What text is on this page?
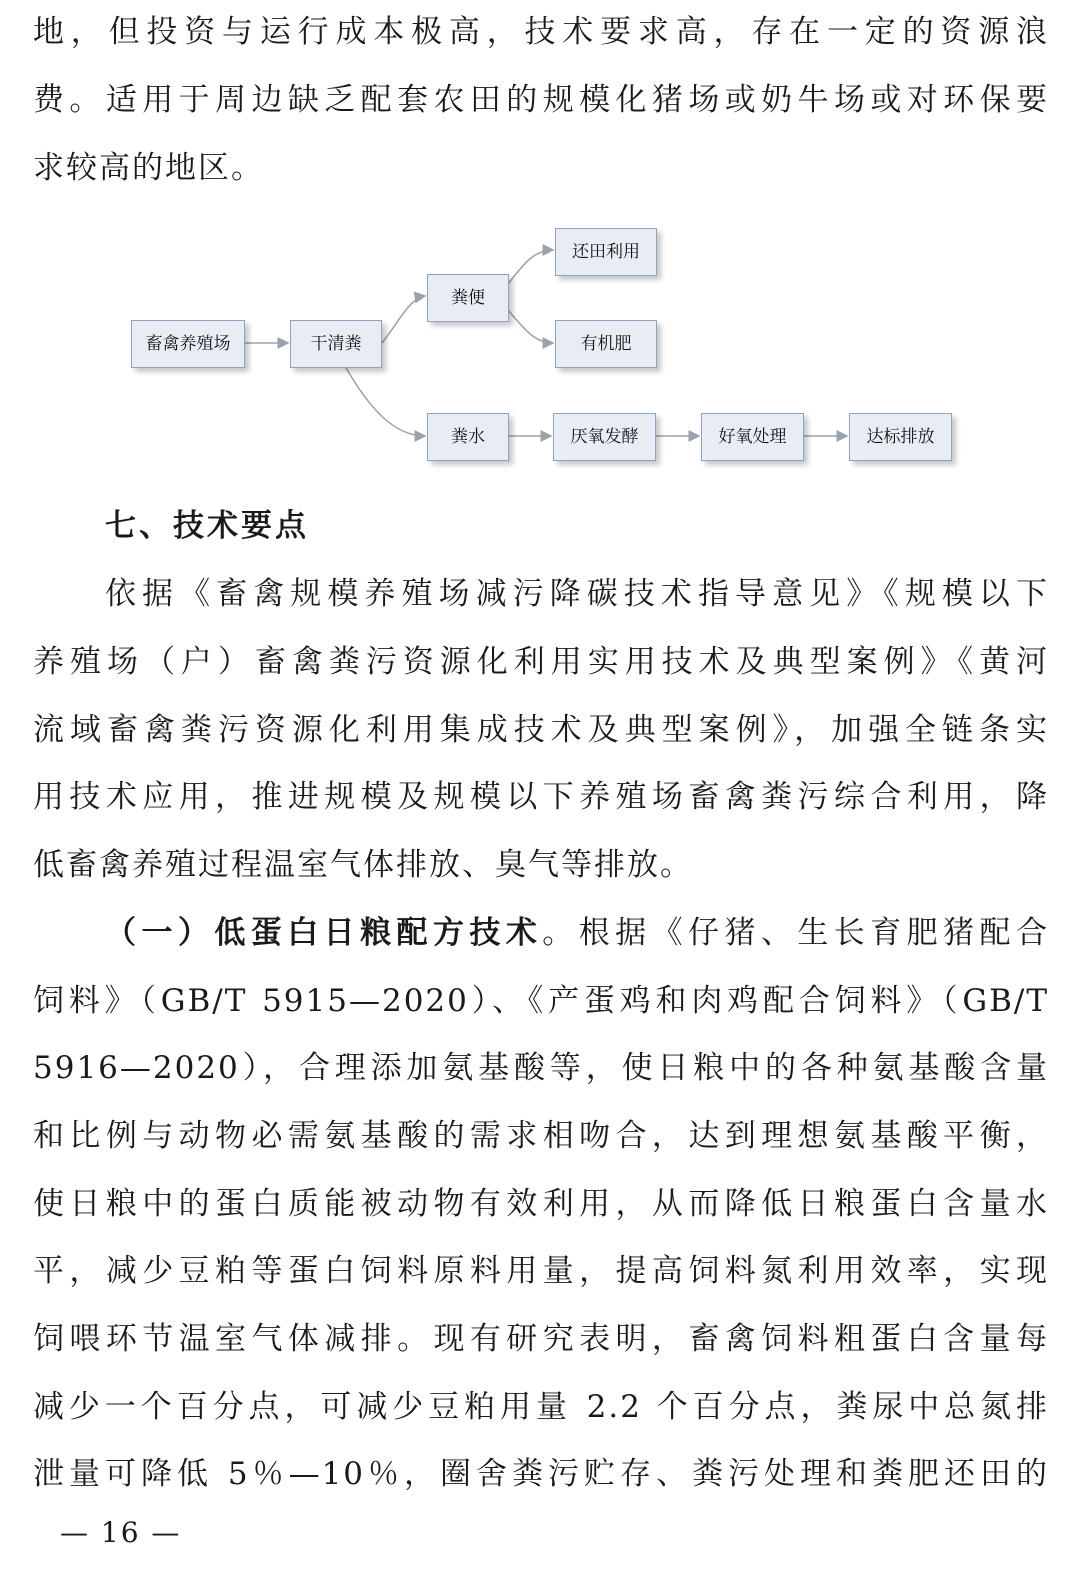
地，但投资与运行成本极高，技术要求高，存在一定的资源浪
费。适用于周边缺乏配套农田的规模化猪场或奶牛场或对环保要
求较高的地区。
畜禽养殖场	干清粪
粪便
还田利用
有机肥
粪水	厌氧发酵	好氧处理	达标排放
七、技术要点
依据《畜禽规模养殖场减污降碳技术指导意见》《规模以下
养殖场（户）畜禽粪污资源化利用实用技术及典型案例》《黄河
流域畜禽粪污资源化利用集成技术及典型案例》，加强全链条实
用技术应用，推进规模及规模以下养殖场畜禽粪污综合利用，降
低畜禽养殖过程温室气体排放、臭气等排放。
（一）低蛋白日粮配方技术。根据《仔猪、生长育肥猪配合
饲料》（GB/T 5915—2020）、《产蛋鸡和肉鸡配合饲料》（GB/T
5916—2020），合理添加氨基酸等，使日粮中的各种氨基酸含量
和比例与动物必需氨基酸的需求相吻合，达到理想氨基酸平衡，
使日粮中的蛋白质能被动物有效利用，从而降低日粮蛋白含量水
平，减少豆粕等蛋白饲料原料用量，提高饲料氮利用效率，实现
饲喂环节温室气体减排。现有研究表明，畜禽饲料粗蛋白含量每
减少一个百分点，可减少豆粕用量 2.2 个百分点，粪尿中总氮排
泄量可降低 5％—10％，圈舍粪污贮存、粪污处理和粪肥还田的
— 16 —
